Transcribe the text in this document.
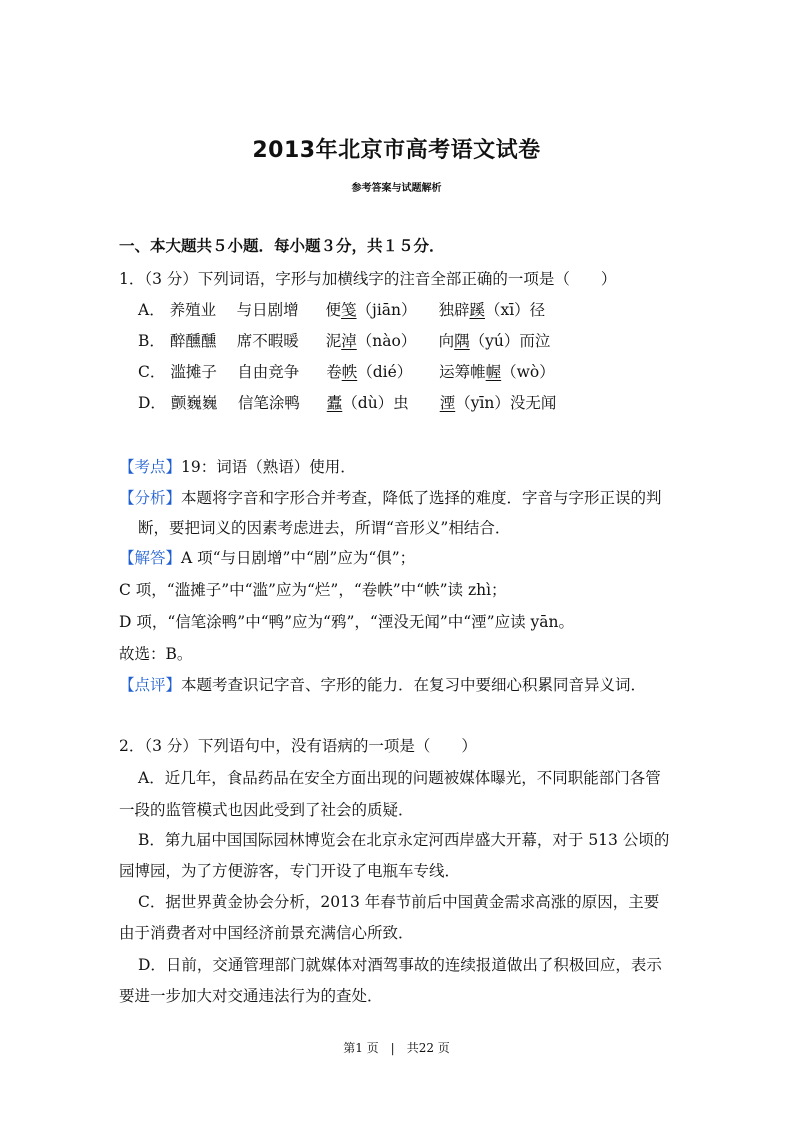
2013年北京市高考语文试卷
参考答案与试题解析
一、本大题共５小题．每小题３分，共１５分．
1．（3 分）下列词语，字形与加横线字的注音全部正确的一项是（　　）
A． 养殖业 与日剧增 便笺（jiān） 独辟蹊（xī）径
B． 醉醺醺 席不暇暖 泥淖（nào） 向隅（yú）而泣
C． 滥摊子 自由竞争 卷帙（dié） 运筹帷幄（wò）
D． 颤巍巍 信笔涂鸭 蠹（dù）虫 湮（yīn）没无闻
【考点】19：词语（熟语）使用．
【分析】本题将字音和字形合并考查，降低了选择的难度．字音与字形正误的判
断，要把词义的因素考虑进去，所谓“音形义”相结合．
【解答】A 项“与日剧增”中“剧”应为“俱”；
C 项，“滥摊子”中“滥”应为“烂”，“卷帙”中“帙”读 zhì；
D 项，“信笔涂鸭”中“鸭”应为“鸦”，“湮没无闻”中“湮”应读 yān。
故选：B。
【点评】本题考查识记字音、字形的能力．在复习中要细心积累同音异义词．
2．（3 分）下列语句中，没有语病的一项是（　　）
A．近几年，食品药品在安全方面出现的问题被媒体曝光，不同职能部门各管
一段的监管模式也因此受到了社会的质疑．
B．第九届中国国际园林博览会在北京永定河西岸盛大开幕，对于 513 公顷的
园博园，为了方便游客，专门开设了电瓶车专线．
C．据世界黄金协会分析，2013 年春节前后中国黄金需求高涨的原因，主要
由于消费者对中国经济前景充满信心所致．
D．日前，交通管理部门就媒体对酒驾事故的连续报道做出了积极回应，表示
要进一步加大对交通违法行为的查处．
第1 页　|　共22 页
